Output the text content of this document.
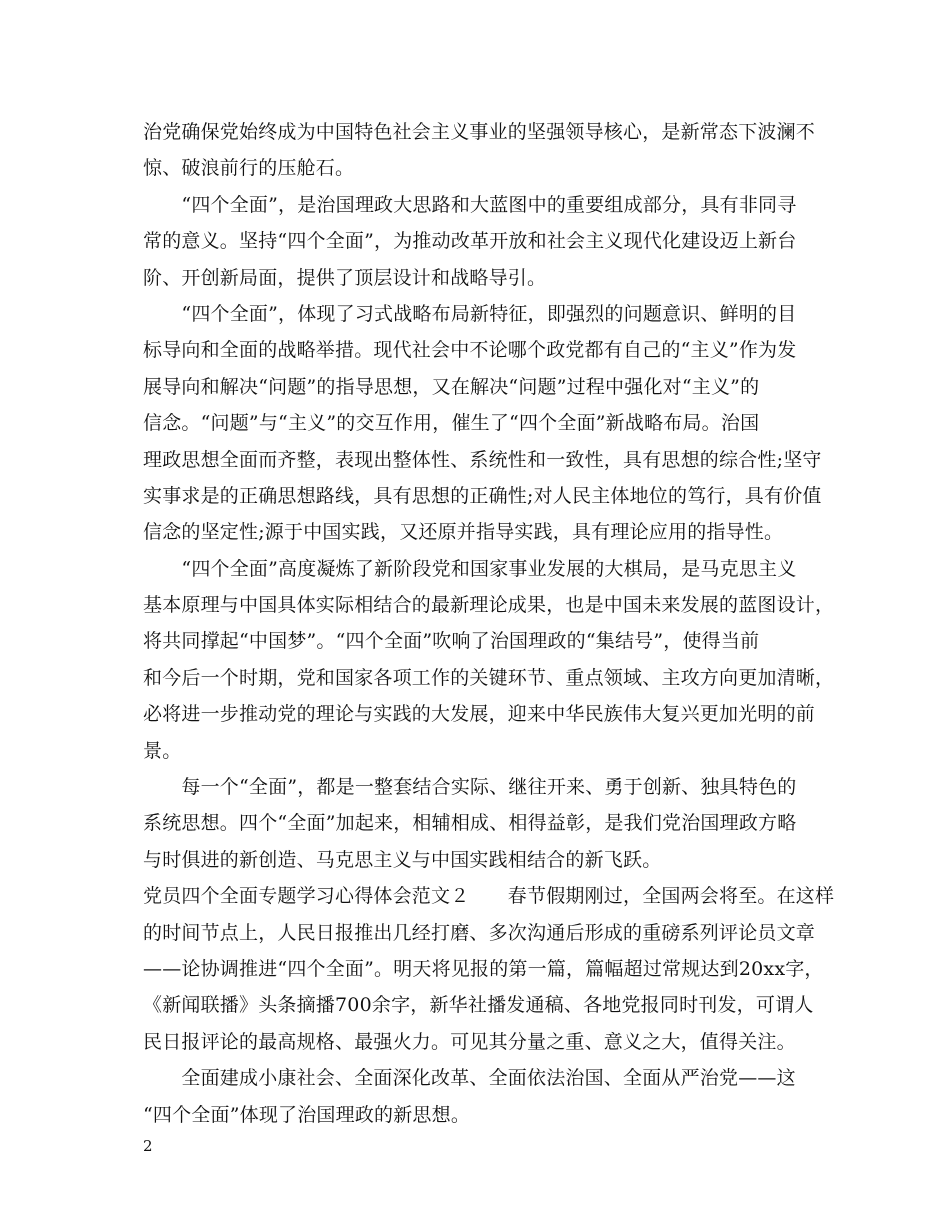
治党确保党始终成为中国特色社会主义事业的坚强领导核心，是新常态下波澜不
惊、破浪前行的压舱石。
　　“四个全面”，是治国理政大思路和大蓝图中的重要组成部分，具有非同寻
常的意义。坚持“四个全面”，为推动改革开放和社会主义现代化建设迈上新台
阶、开创新局面，提供了顶层设计和战略导引。
　　“四个全面”，体现了习式战略布局新特征，即强烈的问题意识、鲜明的目
标导向和全面的战略举措。现代社会中不论哪个政党都有自己的“主义”作为发
展导向和解决“问题”的指导思想，又在解决“问题”过程中强化对“主义”的
信念。“问题”与“主义”的交互作用，催生了“四个全面”新战略布局。治国
理政思想全面而齐整，表现出整体性、系统性和一致性，具有思想的综合性;坚守
实事求是的正确思想路线，具有思想的正确性;对人民主体地位的笃行，具有价值
信念的坚定性;源于中国实践，又还原并指导实践，具有理论应用的指导性。
　　“四个全面”高度凝炼了新阶段党和国家事业发展的大棋局，是马克思主义
基本原理与中国具体实际相结合的最新理论成果，也是中国未来发展的蓝图设计，
将共同撑起“中国梦”。“四个全面”吹响了治国理政的“集结号”，使得当前
和今后一个时期，党和国家各项工作的关键环节、重点领域、主攻方向更加清晰，
必将进一步推动党的理论与实践的大发展，迎来中华民族伟大复兴更加光明的前
景。
　　每一个“全面”，都是一整套结合实际、继往开来、勇于创新、独具特色的
系统思想。四个“全面”加起来，相辅相成、相得益彰，是我们党治国理政方略
与时俱进的新创造、马克思主义与中国实践相结合的新飞跃。
党员四个全面专题学习心得体会范文２　　春节假期刚过，全国两会将至。在这样
的时间节点上，人民日报推出几经打磨、多次沟通后形成的重磅系列评论员文章
——论协调推进“四个全面”。明天将见报的第一篇，篇幅超过常规达到20xx字，
《新闻联播》头条摘播700余字，新华社播发通稿、各地党报同时刊发，可谓人
民日报评论的最高规格、最强火力。可见其分量之重、意义之大，值得关注。
　　全面建成小康社会、全面深化改革、全面依法治国、全面从严治党——这
“四个全面”体现了治国理政的新思想。
2
